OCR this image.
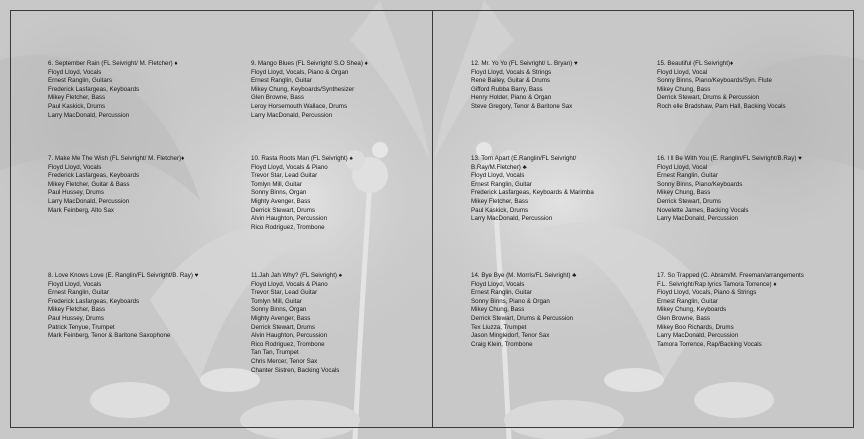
6. September Rain (FL Seivright/ M. Fletcher) ♦
Floyd Lloyd, Vocals
Ernest Ranglin, Guitars
Frederick Lasfargeas, Keyboards
Mikey Fletcher, Bass
Paul Kaskick, Drums
Larry MacDonald, Percussion
9. Mango Blues (FL Seivright/ S.O Shea) ♦
Floyd Lloyd, Vocals, Piano & Organ
Ernest Ranglin, Guitar
Mikey Chung, Keyboards/Synthesizer
Glen Browne, Bass
Leroy Horsemouth Wallace, Drums
Larry MacDonald, Percussion
12. Mr. Yo Yo (FL Seivright/ L. Bryan) ♥
Floyd Lloyd, Vocals & Strings
Rene Bailey, Guitar & Drums
Gifford Rubba Barry, Bass
Henry Holder, Piano & Organ
Steve Gregory, Tenor & Baritone Sax
15. Beautiful (FL Seivright)♦
Floyd Lloyd, Vocal
Sonny Binns, Piano/Keyboards/Syn. Flute
Mikey Chung, Bass
Derrick Stewart, Drums & Percussion
Roch elle Bradshaw, Pam Hall, Backing Vocals
7. Make Me The Wish (FL Seivright/ M. Fletcher)♦
Floyd Lloyd, Vocals
Frederick Lasfargeas, Keyboards
Mikey Fletcher, Guitar & Bass
Paul Hussey, Drums
Larry MacDonald, Percussion
Mark Feinberg, Alto Sax
10. Rasta Roots Man (FL Seivright) ♠
Floyd Lloyd, Vocals & Piano
Trevor Star, Lead Guitar
Tomlyn Mill, Guitar
Sonny Binns, Organ
Mighty Avenger, Bass
Derrick Stewart, Drums
Alvin Haughton, Percussion
Rico Rodriguez, Trombone
13. Torn Apart (E.Ranglin/FL Seivright/
B.Ray/M.Fletcher) ♣
Floyd Lloyd, Vocals
Ernest Ranglin, Guitar
Frederick Lasfargeas, Keyboards & Marimba
Mikey Fletcher, Bass
Paul Kaskick, Drums
Larry MacDonald, Percussion
16. I ll Be With You (E. Ranglin/FL Seivright/B.Ray) ♥
Floyd Lloyd, Vocal
Ernest Ranglin, Guitar
Sonny Binns, Piano/Keyboards
Mikey Chung, Bass
Derrick Stewart, Drums
Novelette James, Backing Vocals
Larry MacDonald, Percussion
8. Love Knows Love (E. Ranglin/FL Seivright/B. Ray) ♥
Floyd Lloyd, Vocals
Ernest Ranglin, Guitar
Frederick Lasfargeas, Keyboards
Mikey Fletcher, Bass
Paul Hussey, Drums
Patrick Tenyue, Trumpet
Mark Feinberg, Tenor & Baritone Saxophone
11.Jah Jah Why? (FL Seivright) ♠
Floyd Lloyd, Vocals & Piano
Trevor Star, Lead Guitar
Tomlyn Mill, Guitar
Sonny Binns, Organ
Mighty Avenger, Bass
Derrick Stewart, Drums
Alvin Haughton, Percussion
Rico Rodriguez, Trombone
Tan Tan, Trumpet
Chris Mercer, Tenor Sax
Chanter Sistren, Backing Vocals
14. Bye Bye (M. Morris/FL Seivright) ♣
Floyd Lloyd, Vocals
Ernest Ranglin, Guitar
Sonny Binns, Piano & Organ
Mikey Chung, Bass
Derrick Stewart, Drums & Percussion
Tex Liuzza, Trumpet
Jason Mingledorf, Tenor Sax
Craig Klein, Trombone
17. So Trapped (C. Abram/M. Freeman/arrangements
F.L. Seivright/Rap lyrics Tamora Torrence) ♦
Floyd Lloyd, Vocals, Piano & Strings
Ernest Ranglin, Guitar
Mikey Chung, Keyboards
Glen Browne, Bass
Mikey Boo Richards, Drums
Larry MacDonald, Percussion
Tamora Torrence, Rap/Backing Vocals
